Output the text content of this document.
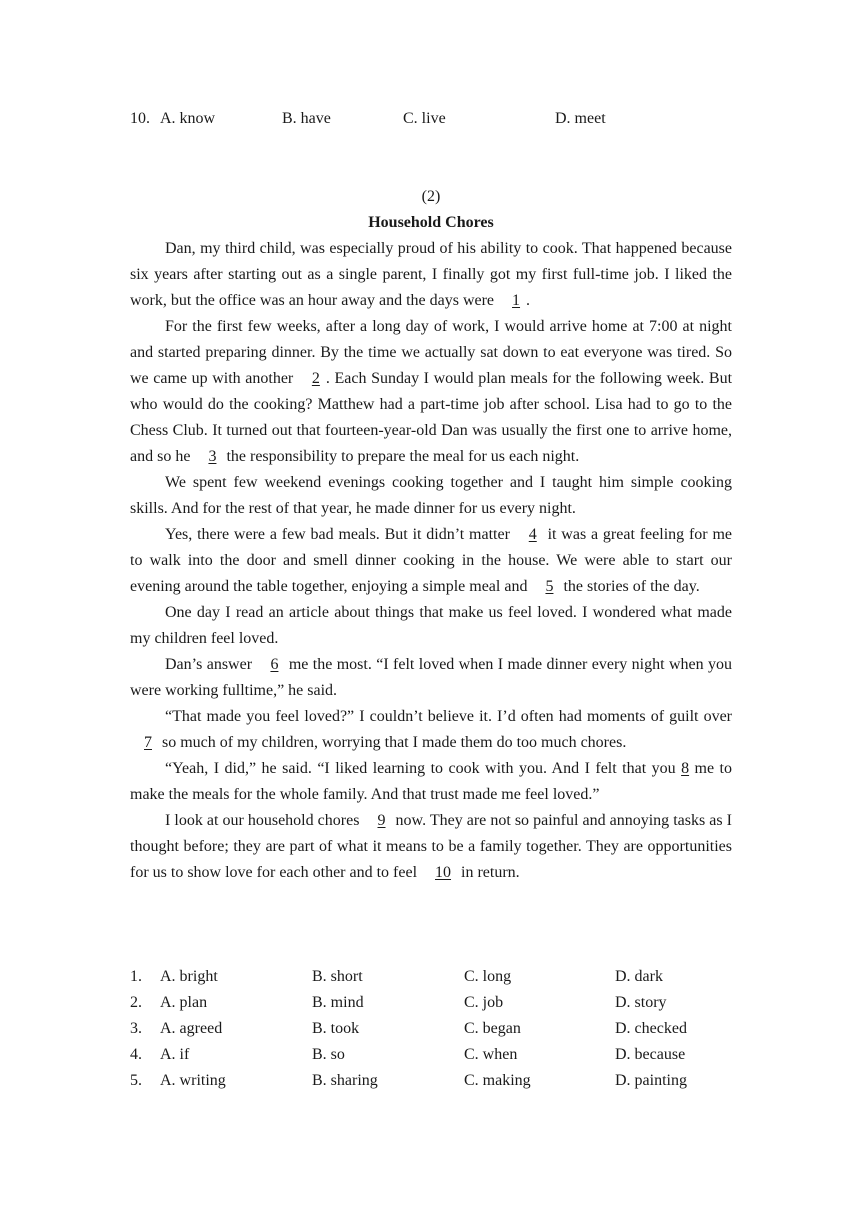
10. A. know	B. have	C. live	D. meet
(2)
Household Chores

Dan, my third child, was especially proud of his ability to cook. That happened because six years after starting out as a single parent, I finally got my first full-time job. I liked the work, but the office was an hour away and the days were 1 .

For the first few weeks, after a long day of work, I would arrive home at 7:00 at night and started preparing dinner. By the time we actually sat down to eat everyone was tired. So we came up with another 2 . Each Sunday I would plan meals for the following week. But who would do the cooking? Matthew had a part-time job after school. Lisa had to go to the Chess Club. It turned out that fourteen-year-old Dan was usually the first one to arrive home, and so he 3 the responsibility to prepare the meal for us each night.

We spent few weekend evenings cooking together and I taught him simple cooking skills. And for the rest of that year, he made dinner for us every night.

Yes, there were a few bad meals. But it didn’t matter 4 it was a great feeling for me to walk into the door and smell dinner cooking in the house. We were able to start our evening around the table together, enjoying a simple meal and 5 the stories of the day.

One day I read an article about things that make us feel loved. I wondered what made my children feel loved.

Dan’s answer 6 me the most. “I felt loved when I made dinner every night when you were working fulltime,” he said.

“That made you feel loved?” I couldn’t believe it. I’d often had moments of guilt over 7 so much of my children, worrying that I made them do too much chores.

“Yeah, I did,” he said. “I liked learning to cook with you. And I felt that you 8 me to make the meals for the whole family. And that trust made me feel loved.”

I look at our household chores 9 now. They are not so painful and annoying tasks as I thought before; they are part of what it means to be a family together. They are opportunities for us to show love for each other and to feel 10 in return.

1. A. bright	B. short	C. long	D. dark
2. A. plan	B. mind	C. job	D. story
3. A. agreed	B. took	C. began	D. checked
4. A. if	B. so	C. when	D. because
5. A. writing	B. sharing	C. making	D. painting
